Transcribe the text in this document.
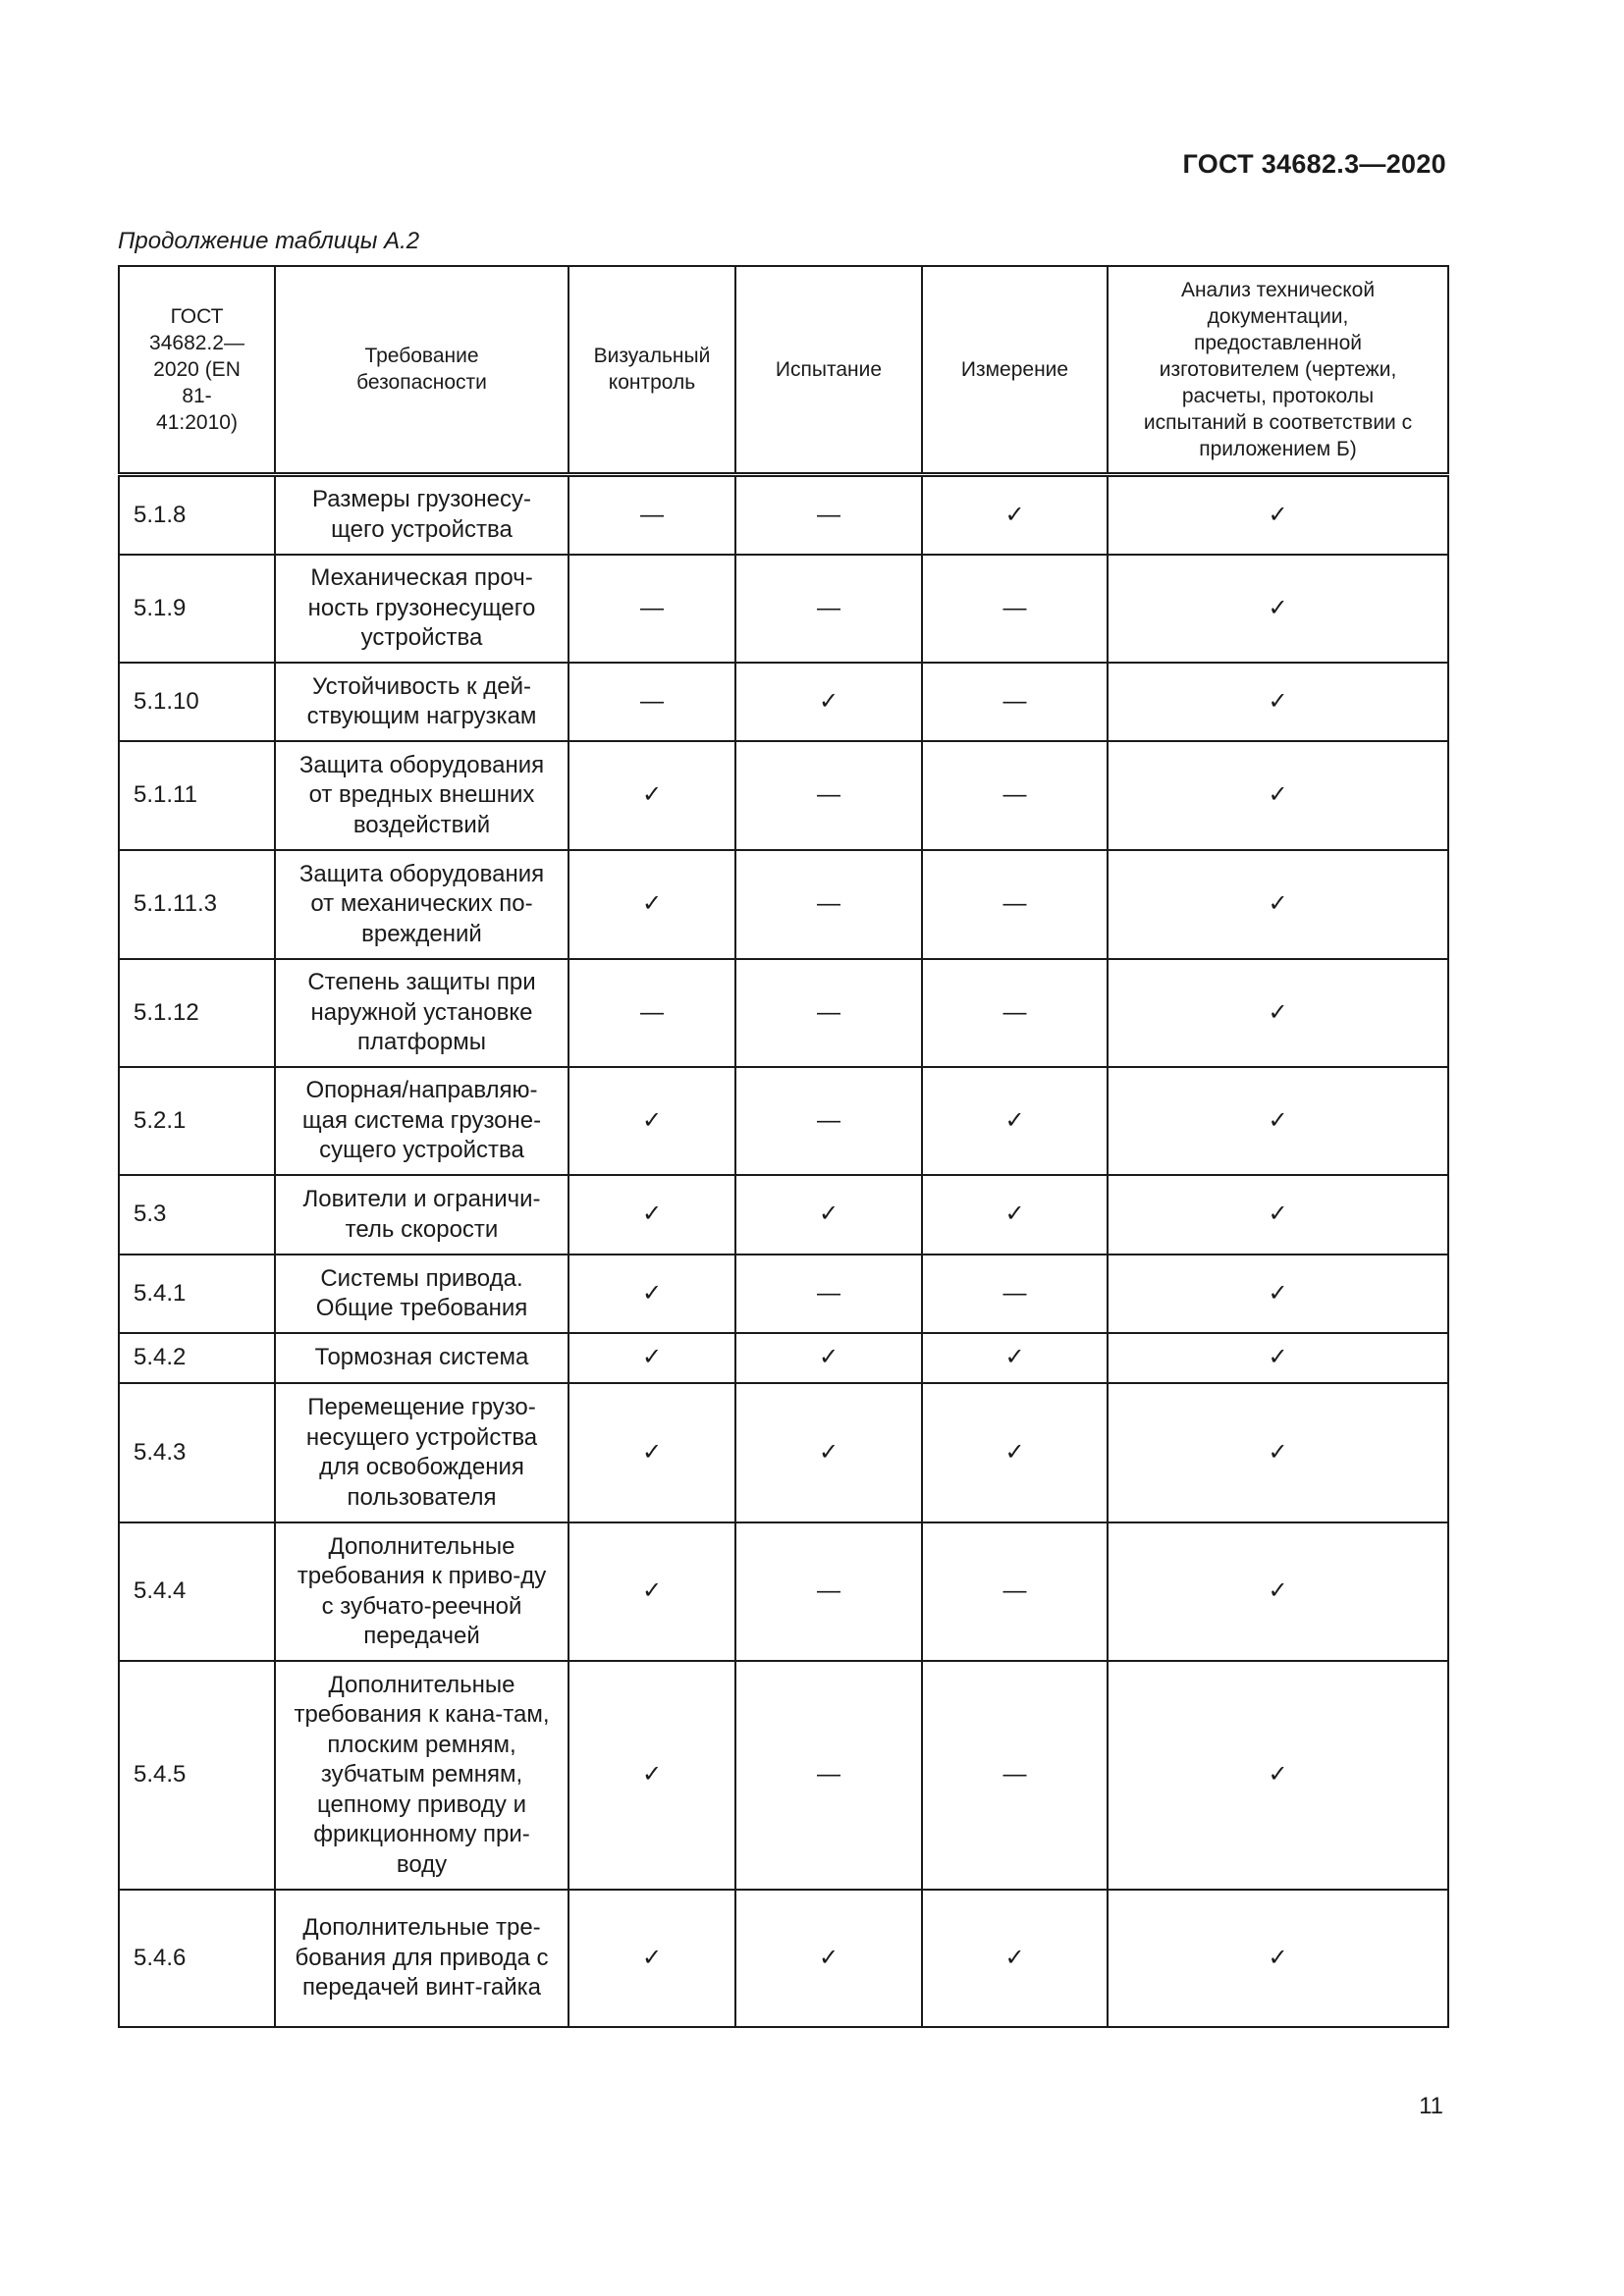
ГОСТ 34682.3—2020
Продолжение таблицы А.2
ГОСТ 34682.2—2020 (EN 81-41:2010)	Требование безопасности	Визуальный контроль	Испытание	Измерение	Анализ технической документации, предоставленной изготовителем (чертежи, расчеты, протоколы испытаний в соответствии с приложением Б)
5.1.8	Размеры грузонесу-щего устройства	—	—	✓	✓
5.1.9	Механическая проч-ность грузонесущего устройства	—	—	—	✓
5.1.10	Устойчивость к дей-ствующим нагрузкам	—	✓	—	✓
5.1.11	Защита оборудования от вредных внешних воздействий	✓	—	—	✓
5.1.11.3	Защита оборудования от механических по-вреждений	✓	—	—	✓
5.1.12	Степень защиты при наружной установке платформы	—	—	—	✓
5.2.1	Опорная/направляю-щая система грузоне-сущего устройства	✓	—	✓	✓
5.3	Ловители и ограничи-тель скорости	✓	✓	✓	✓
5.4.1	Системы привода. Общие требования	✓	—	—	✓
5.4.2	Тормозная система	✓	✓	✓	✓
5.4.3	Перемещение грузо-несущего устройства для освобождения пользователя	✓	✓	✓	✓
5.4.4	Дополнительные требования к приво-ду с зубчато-реечной передачей	✓	—	—	✓
5.4.5	Дополнительные требования к кана-там, плоским ремням, зубчатым ремням, цепному приводу и фрикционному при-воду	✓	—	—	✓
5.4.6	Дополнительные тре-бования для привода с передачей винт-гайка	✓	✓	✓	✓
11
